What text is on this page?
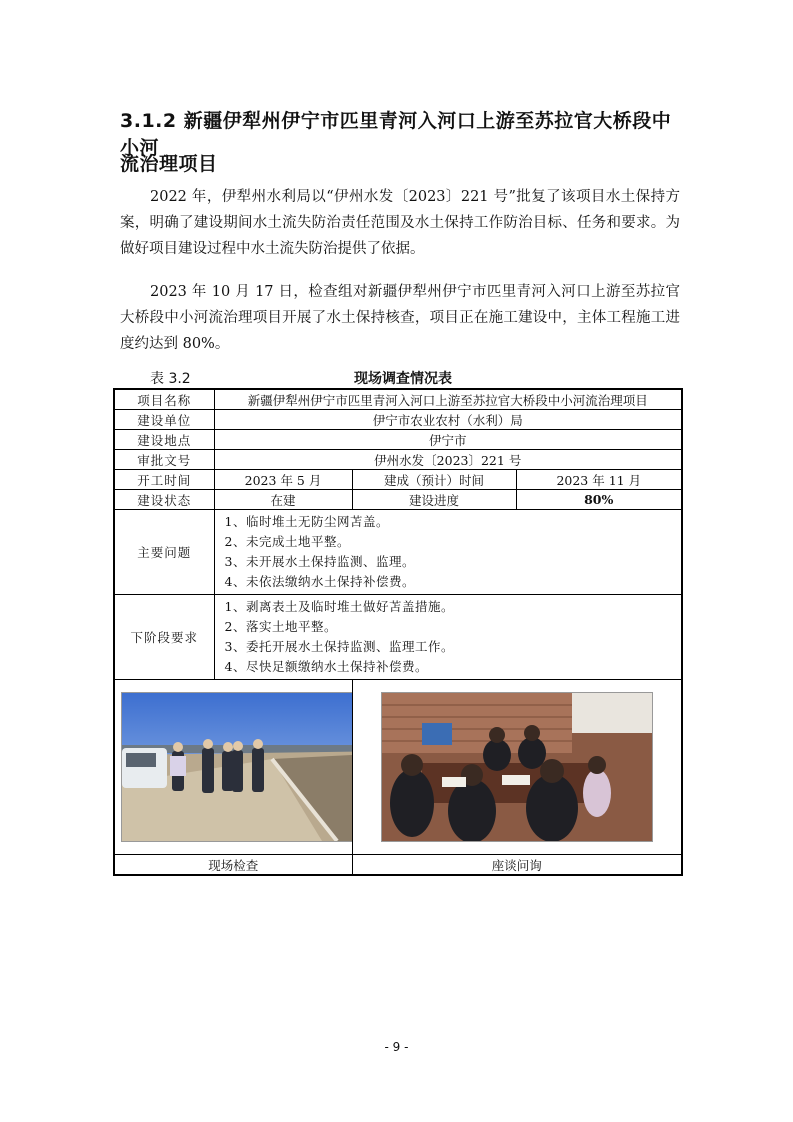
3.1.2 新疆伊犁州伊宁市匹里青河入河口上游至苏拉官大桥段中小河
流治理项目
2022 年，伊犁州水利局以“伊州水发〔2023〕221 号”批复了该项目水土保持方案，明确了建设期间水土流失防治责任范围及水土保持工作防治目标、任务和要求。为做好项目建设过程中水土流失防治提供了依据。
2023 年 10 月 17 日，检查组对新疆伊犁州伊宁市匹里青河入河口上游至苏拉官大桥段中小河流治理项目开展了水土保持核查，项目正在施工建设中，主体工程施工进度约达到 80%。
表 3.2	现场调查情况表
项目名称	新疆伊犁州伊宁市匹里青河入河口上游至苏拉官大桥段中小河流治理项目		
建设单位	伊宁市农业农村（水利）局		
建设地点	伊宁市		
审批文号	伊州水发〔2023〕221 号		
开工时间	2023 年 5 月	建成（预计）时间	2023 年 11 月
建设状态	在建	建设进度	80%
主要问题	1、临时堆土无防尘网苫盖。
2、未完成土地平整。
3、未开展水土保持监测、监理。
4、未依法缴纳水土保持补偿费。		

下阶段要求	1、剥离表土及临时堆土做好苫盖措施。
2、落实土地平整。
3、委托开展水土保持监测、监理工作。
4、尽快足额缴纳水土保持补偿费。		

现场检查		座谈问询	
- 9 -
